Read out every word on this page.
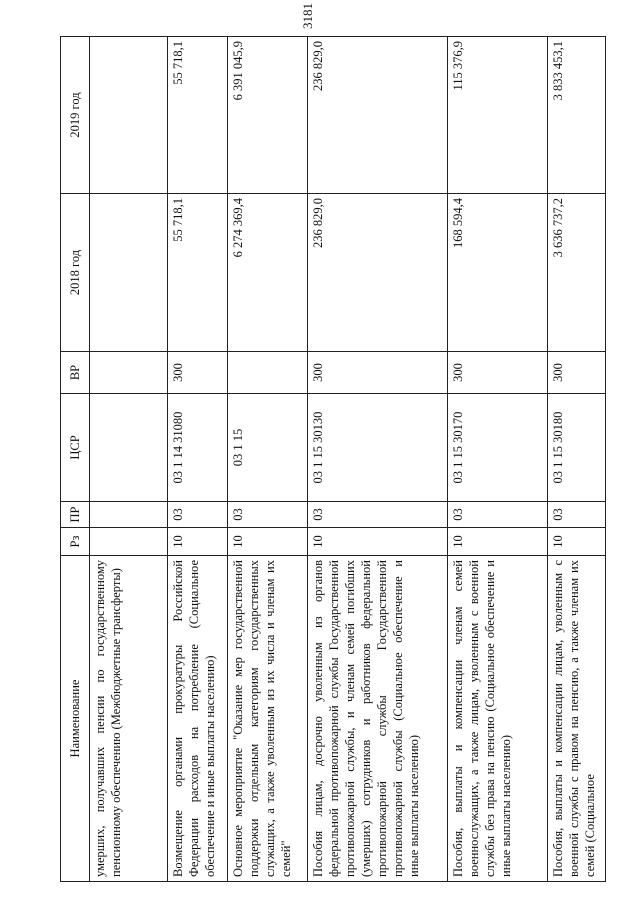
3181
Наименование	Рз	ПР	ЦСР	ВР	2018 год	2019 год
умерших, получавших пенсии по государственному пенсионному обеспечению (Межбюджетные трансферты)						
Возмещение органами прокуратуры Российской Федерации расходов на потребление (Социальное обеспечение и иные выплаты населению)	10	03	03 1 14 31080	300	55 718,1	55 718,1
Основное мероприятие "Оказание мер государственной поддержки отдельным категориям государственных служащих, а также уволенным из их числа и членам их семей"	10	03	03 1 15		6 274 369,4	6 391 045,9
Пособия лицам, досрочно уволенным из органов федеральной противопожарной службы Государственной противопожарной службы, и членам семей погибших (умерших) сотрудников и работников федеральной противопожарной службы Государственной противопожарной службы (Социальное обеспечение и иные выплаты населению)	10	03	03 1 15 30130	300	236 829,0	236 829,0
Пособия, выплаты и компенсации членам семей военнослужащих, а также лицам, уволенным с военной службы без права на пенсию (Социальное обеспечение и иные выплаты населению)	10	03	03 1 15 30170	300	168 594,4	115 376,9
Пособия, выплаты и компенсации лицам, уволенным с военной службы с правом на пенсию, а также членам их семей (Социальное	10	03	03 1 15 30180	300	3 636 737,2	3 833 453,1
